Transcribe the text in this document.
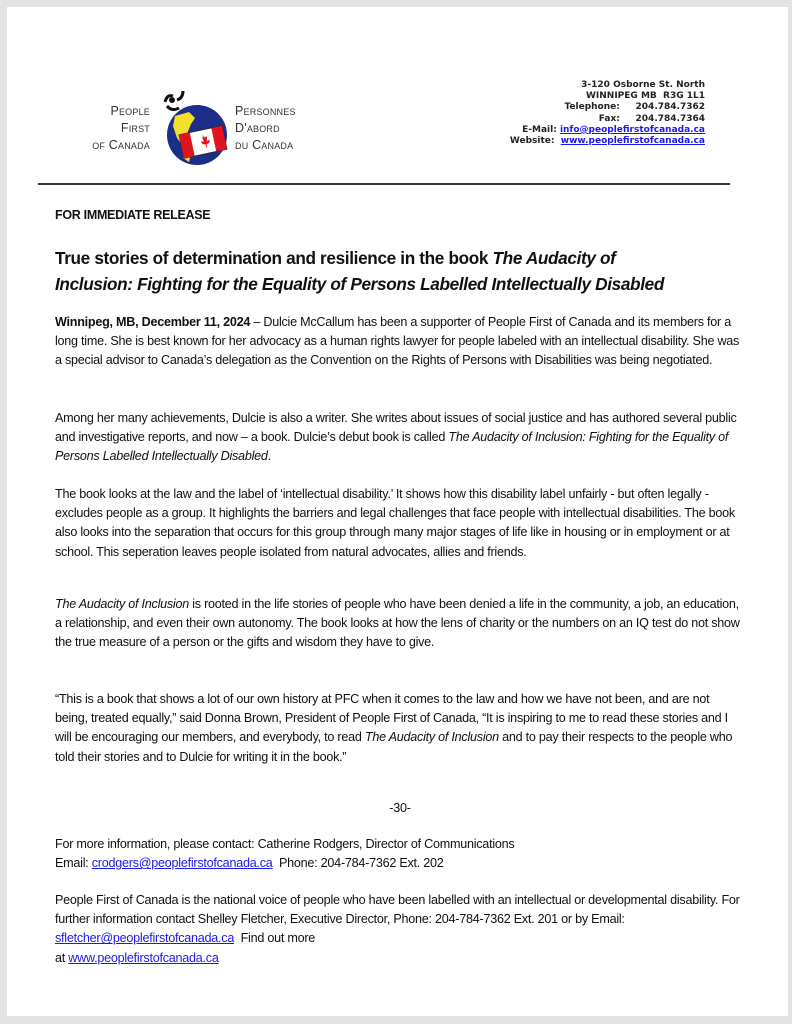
People
First
of Canada
Personnes
D'abord
du Canada
3-120 Osborne St. North
WINNIPEG MB  R3G 1L1
Telephone: 204.784.7362
Fax: 204.784.7364
E-Mail: info@peoplefirstofcanada.ca
Website: www.peoplefirstofcanada.ca
FOR IMMEDIATE RELEASE
True stories of determination and resilience in the book The Audacity of
Inclusion: Fighting for the Equality of Persons Labelled Intellectually Disabled
Winnipeg, MB, December 11, 2024 – Dulcie McCallum has been a supporter of People First of Canada and its members for a long time. She is best known for her advocacy as a human rights lawyer for people labeled with an intellectual disability. She was a special advisor to Canada’s delegation as the Convention on the Rights of Persons with Disabilities was being negotiated.
Among her many achievements, Dulcie is also a writer. She writes about issues of social justice and has authored several public and investigative reports, and now – a book. Dulcie’s debut book is called The Audacity of Inclusion: Fighting for the Equality of Persons Labelled Intellectually Disabled.
The book looks at the law and the label of ‘intellectual disability.’ It shows how this disability label unfairly - but often legally - excludes people as a group. It highlights the barriers and legal challenges that face people with intellectual disabilities. The book also looks into the separation that occurs for this group through many major stages of life like in housing or in employment or at school. This seperation leaves people isolated from natural advocates, allies and friends.
The Audacity of Inclusion is rooted in the life stories of people who have been denied a life in the community, a job, an education, a relationship, and even their own autonomy. The book looks at how the lens of charity or the numbers on an IQ test do not show the true measure of a person or the gifts and wisdom they have to give.
“This is a book that shows a lot of our own history at PFC when it comes to the law and how we have not been, and are not being, treated equally,” said Donna Brown, President of People First of Canada, “It is inspiring to me to read these stories and I will be encouraging our members, and everybody, to read The Audacity of Inclusion and to pay their respects to the people who told their stories and to Dulcie for writing it in the book.”
-30-
For more information, please contact: Catherine Rodgers, Director of Communications
Email: crodgers@peoplefirstofcanada.ca  Phone: 204-784-7362 Ext. 202
People First of Canada is the national voice of people who have been labelled with an intellectual or developmental disability. For further information contact Shelley Fletcher, Executive Director, Phone: 204-784-7362 Ext. 201 or by Email: sfletcher@peoplefirstofcanada.ca  Find out more
at www.peoplefirstofcanada.ca
